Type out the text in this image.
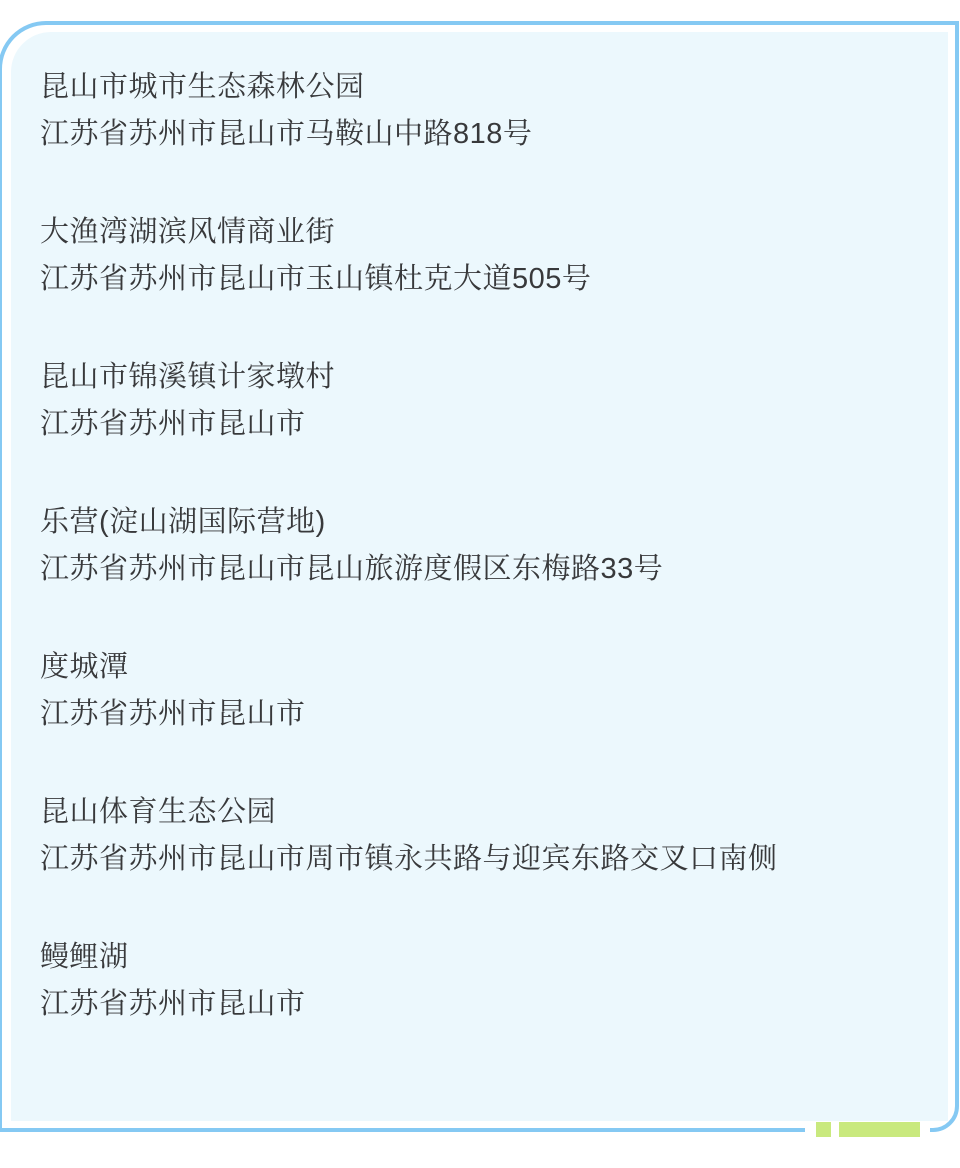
昆山市城市生态森林公园
江苏省苏州市昆山市马鞍山中路818号
大渔湾湖滨风情商业街
江苏省苏州市昆山市玉山镇杜克大道505号
昆山市锦溪镇计家墩村
江苏省苏州市昆山市
乐营(淀山湖国际营地)
江苏省苏州市昆山市昆山旅游度假区东梅路33号
度城潭
江苏省苏州市昆山市
昆山体育生态公园
江苏省苏州市昆山市周市镇永共路与迎宾东路交叉口南侧
鳗鲤湖
江苏省苏州市昆山市
